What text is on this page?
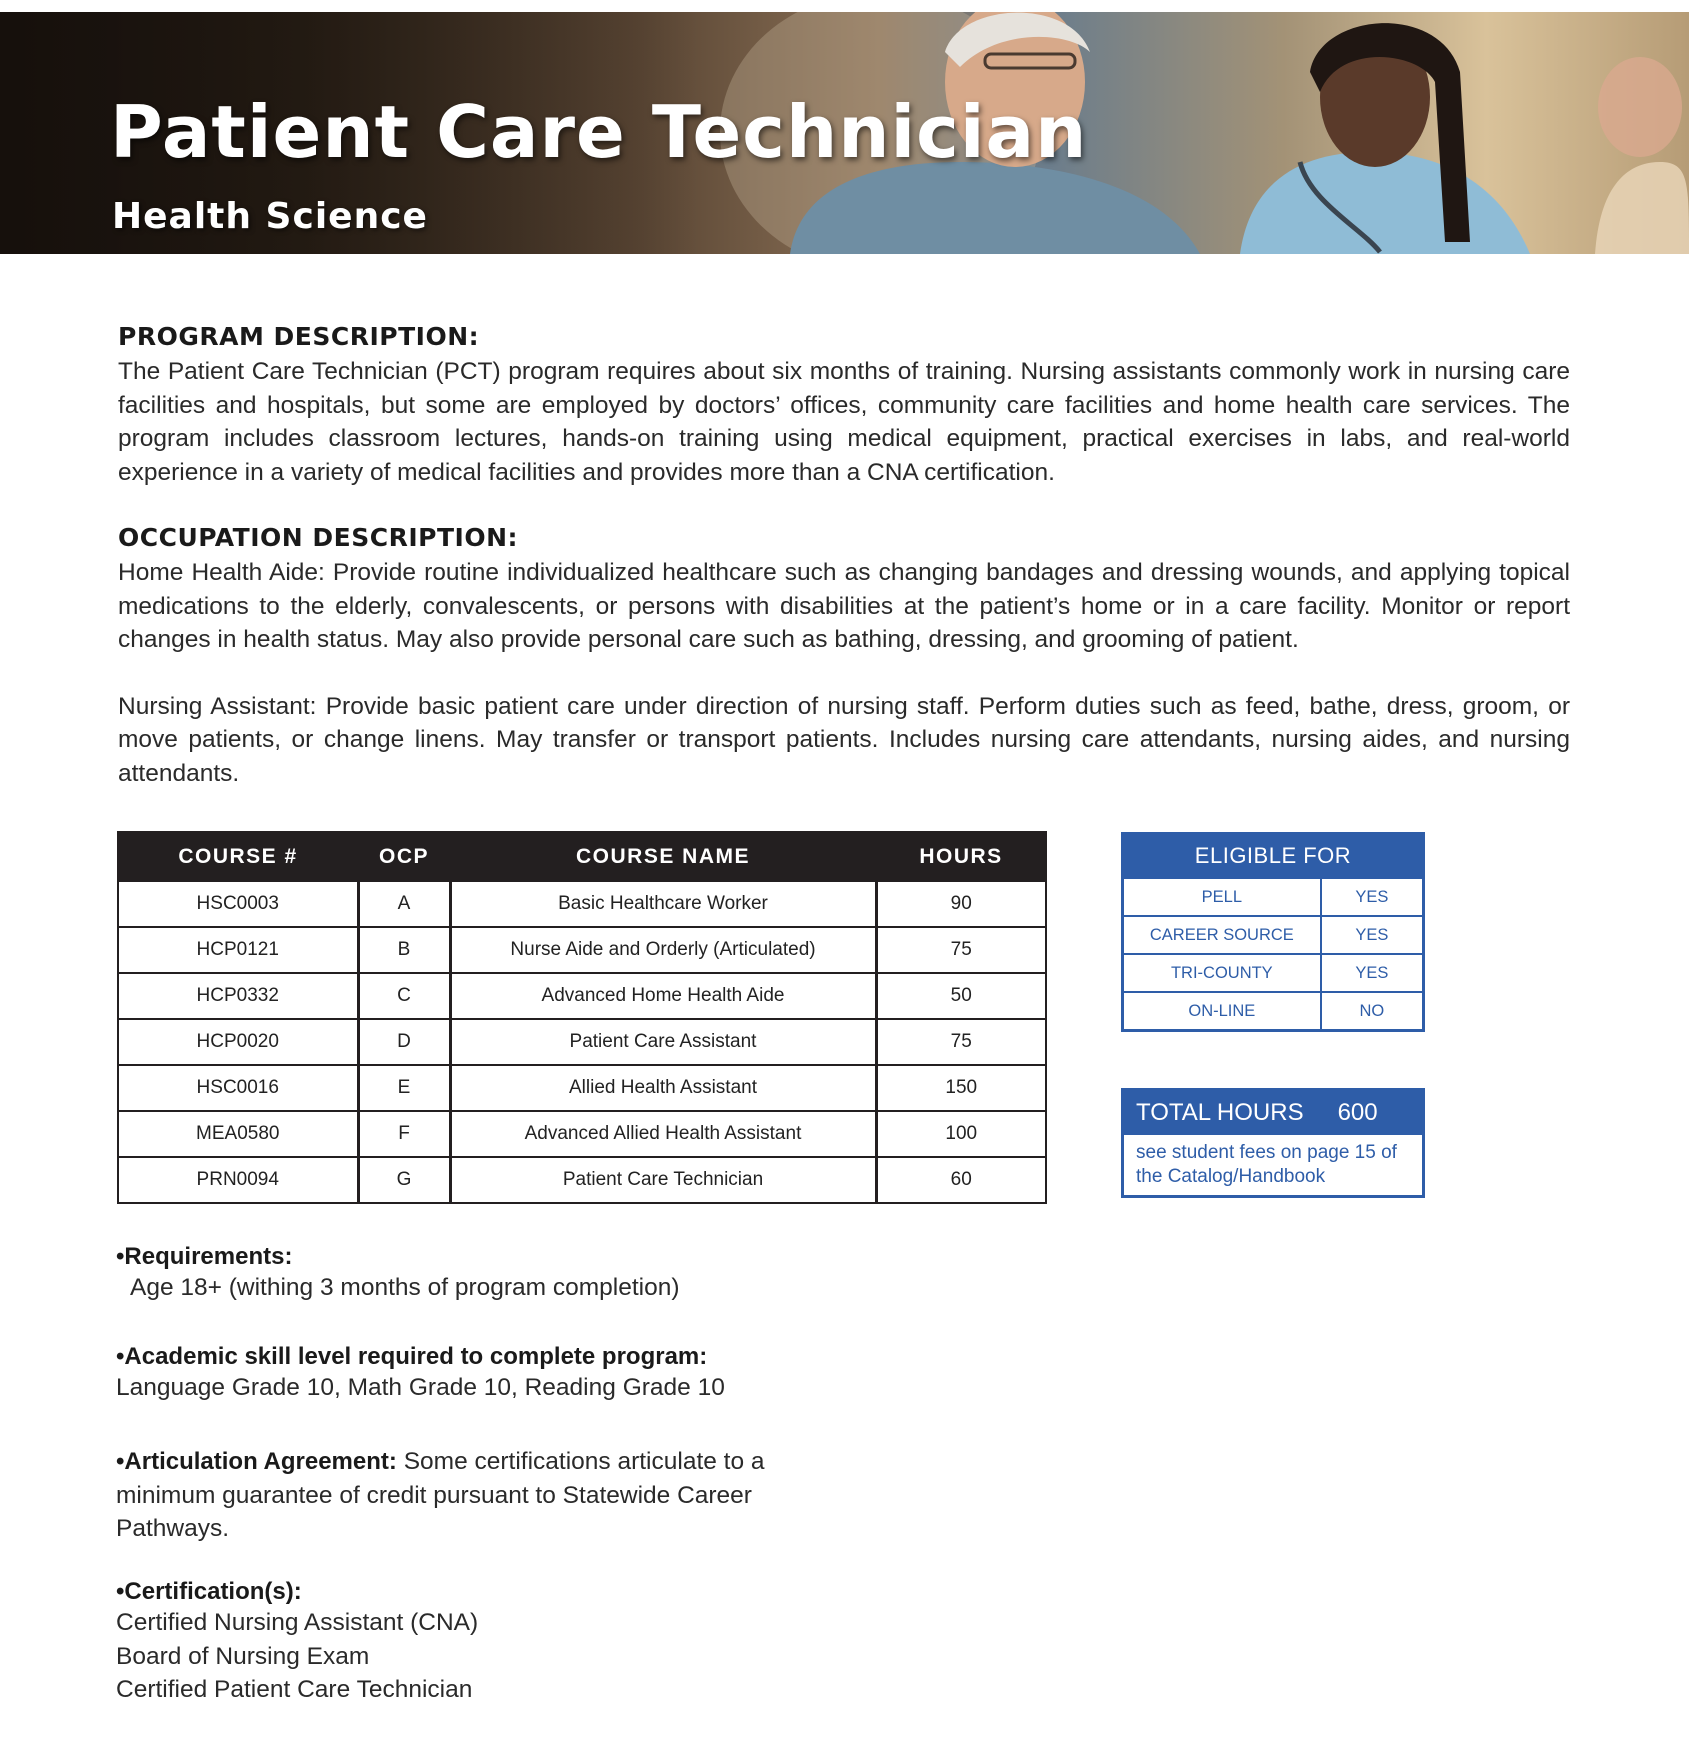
Patient Care Technician
Health Science
PROGRAM DESCRIPTION:

The Patient Care Technician (PCT) program requires about six months of training. Nursing assistants commonly work in nursing care facilities and hospitals, but some are employed by doctors’ offices, community care facilities and home health care services. The program includes classroom lectures, hands-on training using medical equipment, practical exercises in labs, and real-world experience in a variety of medical facilities and provides more than a CNA certification.

OCCUPATION DESCRIPTION:

Home Health Aide: Provide routine individualized healthcare such as changing bandages and dressing wounds, and applying topical medications to the elderly, convalescents, or persons with disabilities at the patient’s home or in a care facility. Monitor or report changes in health status. May also provide personal care such as bathing, dressing, and grooming of patient.

Nursing Assistant: Provide basic patient care under direction of nursing staff. Perform duties such as feed, bathe, dress, groom, or move patients, or change linens. May transfer or transport patients. Includes nursing care attendants, nursing aides, and nursing attendants.

COURSE #	OCP	COURSE NAME	HOURS
HSC0003	A	Basic Healthcare Worker	90
HCP0121	B	Nurse Aide and Orderly (Articulated)	75
HCP0332	C	Advanced Home Health Aide	50
HCP0020	D	Patient Care Assistant	75
HSC0016	E	Allied Health Assistant	150
MEA0580	F	Advanced Allied Health Assistant	100
PRN0094	G	Patient Care Technician	60
ELIGIBLE FOR
PELL	YES
CAREER SOURCE	YES
TRI-COUNTY	YES
ON-LINE	NO
TOTAL HOURS 600
see student fees on page 15 of the Catalog/Handbook
•Requirements:
Age 18+ (withing 3 months of program completion)
•Academic skill level required to complete program:
Language Grade 10, Math Grade 10, Reading Grade 10
•Articulation Agreement: Some certifications articulate to a minimum guarantee of credit pursuant to Statewide Career Pathways.
•Certification(s):
Certified Nursing Assistant (CNA)
Board of Nursing Exam
Certified Patient Care Technician
